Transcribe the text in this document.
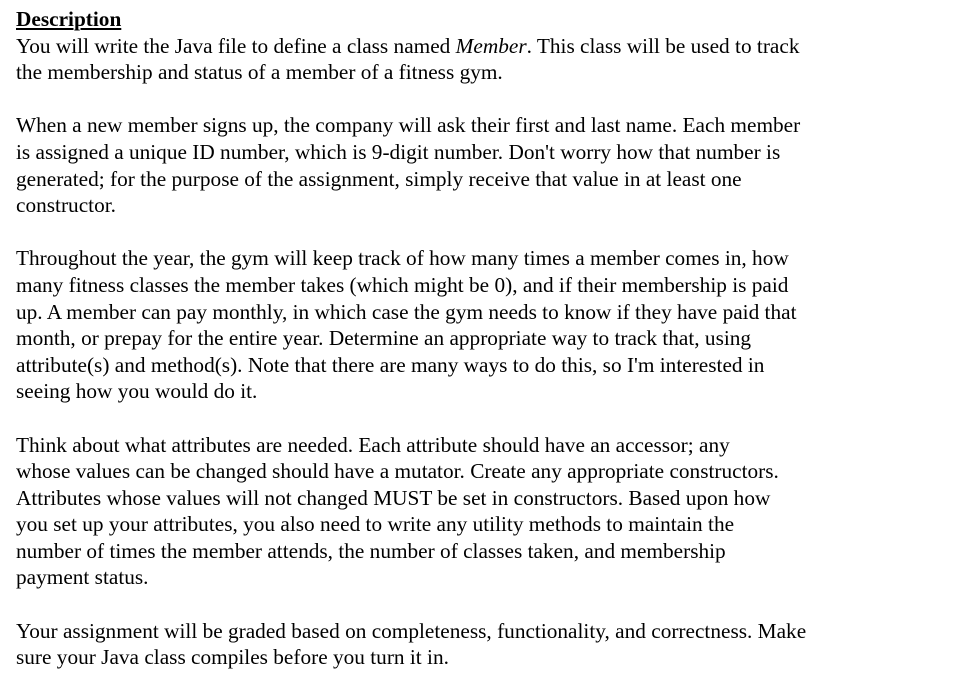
Description
You will write the Java file to define a class named Member. This class will be used to track
the membership and status of a member of a fitness gym.
When a new member signs up, the company will ask their first and last name. Each member
is assigned a unique ID number, which is 9-digit number. Don't worry how that number is
generated; for the purpose of the assignment, simply receive that value in at least one
constructor.
Throughout the year, the gym will keep track of how many times a member comes in, how
many fitness classes the member takes (which might be 0), and if their membership is paid
up. A member can pay monthly, in which case the gym needs to know if they have paid that
month, or prepay for the entire year. Determine an appropriate way to track that, using
attribute(s) and method(s). Note that there are many ways to do this, so I'm interested in
seeing how you would do it.
Think about what attributes are needed. Each attribute should have an accessor; any
whose values can be changed should have a mutator. Create any appropriate constructors.
Attributes whose values will not changed MUST be set in constructors. Based upon how
you set up your attributes, you also need to write any utility methods to maintain the
number of times the member attends, the number of classes taken, and membership
payment status.
Your assignment will be graded based on completeness, functionality, and correctness. Make
sure your Java class compiles before you turn it in.
